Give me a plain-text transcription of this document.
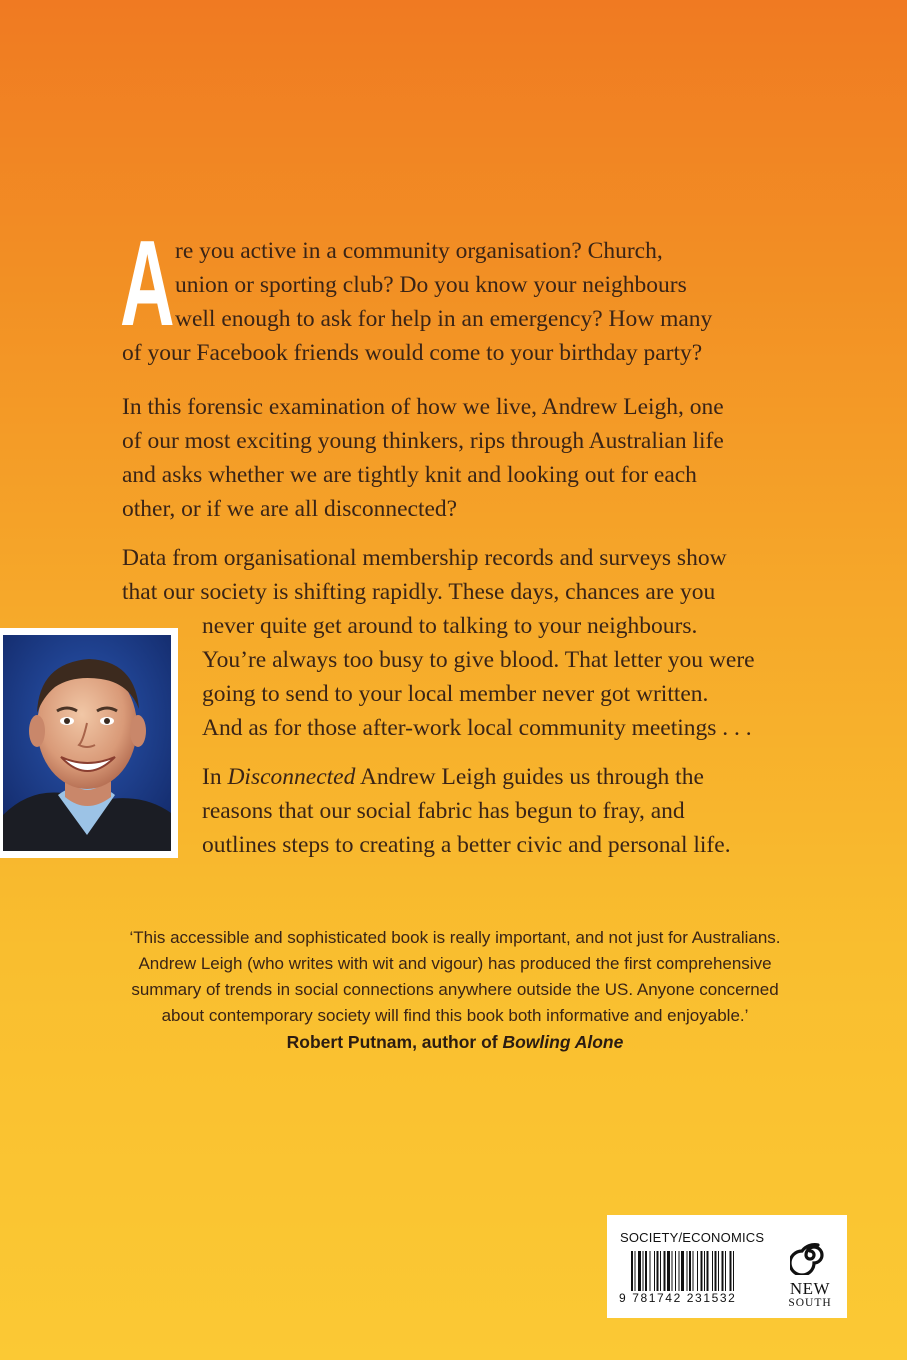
A re you active in a community organisation? Church,
union or sporting club? Do you know your neighbours
well enough to ask for help in an emergency? How many
of your Facebook friends would come to your birthday party?

In this forensic examination of how we live, Andrew Leigh, one
of our most exciting young thinkers, rips through Australian life
and asks whether we are tightly knit and looking out for each
other, or if we are all disconnected?

Data from organisational membership records and surveys show
that our society is shifting rapidly. These days, chances are you
never quite get around to talking to your neighbours.
You’re always too busy to give blood. That letter you were
going to send to your local member never got written.
And as for those after-work local community meetings . . .

In Disconnected Andrew Leigh guides us through the
reasons that our social fabric has begun to fray, and
outlines steps to creating a better civic and personal life.

‘This accessible and sophisticated book is really important, and not just for Australians.
Andrew Leigh (who writes with wit and vigour) has produced the first comprehensive
summary of trends in social connections anywhere outside the US. Anyone concerned
about contemporary society will find this book both informative and enjoyable.’
Robert Putnam, author of Bowling Alone
SOCIETY/ECONOMICS
9 781742 231532	NEW
SOUTH
